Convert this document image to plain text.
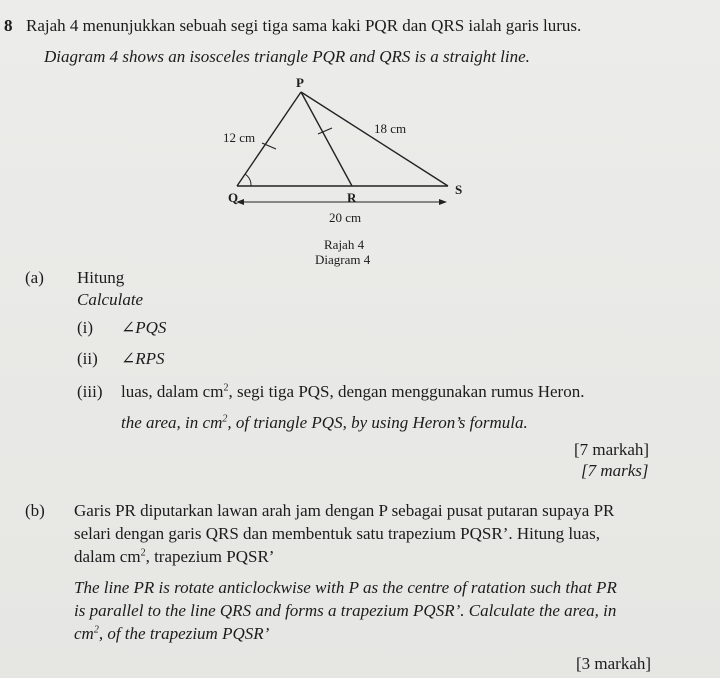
8 Rajah 4 menunjukkan sebuah segi tiga sama kaki PQR dan QRS ialah garis lurus.
Diagram 4 shows an isosceles triangle PQR and QRS is a straight line.
P
Q	R
S
12 cm
18 cm
20 cm
Rajah 4
Diagram 4
(a) Hitung
Calculate
(i) ∠PQS
(ii) ∠RPS
(iii) luas, dalam $cm^2$, segi tiga PQS, dengan menggunakan rumus Heron.
the area, in $cm^2$, of triangle PQS, by using Heron’s formula.
[7 markah]
[7 marks]
(b) Garis PR diputarkan lawan arah jam dengan P sebagai pusat putaran supaya PR
selari dengan garis QRS dan membentuk satu trapezium PQSR’. Hitung luas,
dalam $cm^2$, trapezium PQSR’
The line PR is rotate anticlockwise with P as the centre of ratation such that PR
is parallel to the line QRS and forms a trapezium PQSR’. Calculate the area, in
$cm^2$, of the trapezium PQSR’
[3 markah]
